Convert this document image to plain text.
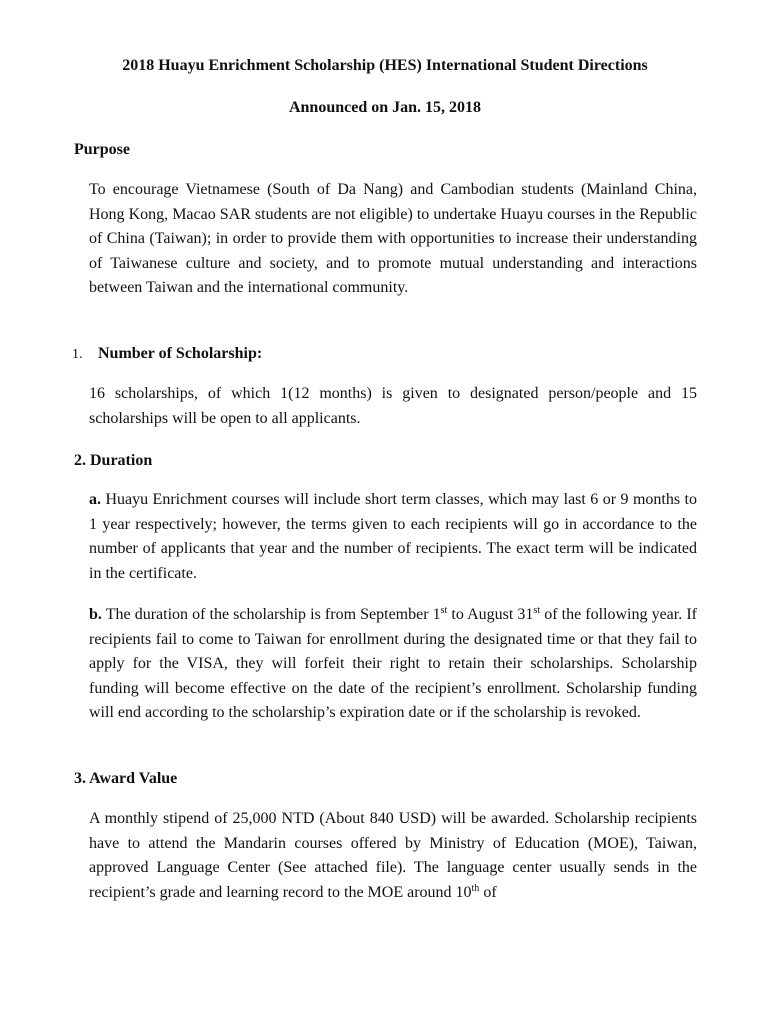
2018 Huayu Enrichment Scholarship (HES) International Student Directions
Announced on Jan. 15, 2018
Purpose
To encourage Vietnamese (South of Da Nang) and Cambodian students (Mainland China, Hong Kong, Macao SAR students are not eligible) to undertake Huayu courses in the Republic of China (Taiwan); in order to provide them with opportunities to increase their understanding of Taiwanese culture and society, and to promote mutual understanding and interactions between Taiwan and the international community.
1. Number of Scholarship:
16 scholarships, of which 1(12 months) is given to designated person/people and 15 scholarships will be open to all applicants.
2. Duration
a. Huayu Enrichment courses will include short term classes, which may last 6 or 9 months to 1 year respectively; however, the terms given to each recipients will go in accordance to the number of applicants that year and the number of recipients. The exact term will be indicated in the certificate.
b. The duration of the scholarship is from September 1st to August 31st of the following year. If recipients fail to come to Taiwan for enrollment during the designated time or that they fail to apply for the VISA, they will forfeit their right to retain their scholarships. Scholarship funding will become effective on the date of the recipient’s enrollment. Scholarship funding will end according to the scholarship’s expiration date or if the scholarship is revoked.
3. Award Value
A monthly stipend of 25,000 NTD (About 840 USD) will be awarded. Scholarship recipients have to attend the Mandarin courses offered by Ministry of Education (MOE), Taiwan, approved Language Center (See attached file). The language center usually sends in the recipient’s grade and learning record to the MOE around 10th of
